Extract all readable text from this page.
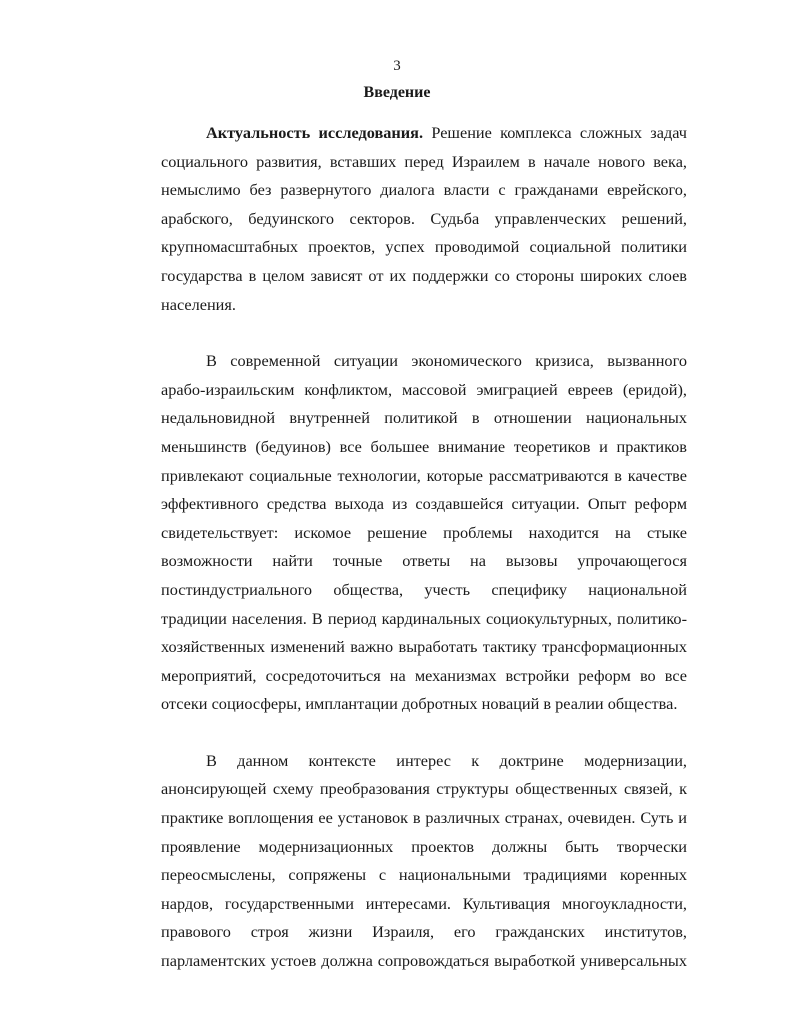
3
Введение

Актуальность исследования. Решение комплекса сложных задач
социального развития, вставших перед Израилем в начале нового века,
немыслимо без развернутого диалога власти с гражданами еврейского,
арабского, бедуинского секторов. Судьба управленческих решений,
крупномасштабных проектов, успех проводимой социальной политики
государства в целом зависят от их поддержки со стороны широких слоев
населения.

В современной ситуации экономического кризиса, вызванного
арабо-израильским конфликтом, массовой эмиграцией евреев (еридой),
недальновидной внутренней политикой в отношении национальных
меньшинств (бедуинов) все большее внимание теоретиков и практиков
привлекают социальные технологии, которые рассматриваются в качестве
эффективного средства выхода из создавшейся ситуации. Опыт реформ
свидетельствует: искомое решение проблемы находится на стыке
возможности найти точные ответы на вызовы упрочающегося
постиндустриального общества, учесть специфику национальной
традиции населения. В период кардинальных социокультурных, политико-
хозяйственных изменений важно выработать тактику трансформационных
мероприятий, сосредоточиться на механизмах встройки реформ во все
отсеки социосферы, имплантации добротных новаций в реалии общества.

В данном контексте интерес к доктрине модернизации,
анонсирующей схему преобразования структуры общественных связей, к
практике воплощения ее установок в различных странах, очевиден. Суть и
проявление модернизационных проектов должны быть творчески
переосмыслены, сопряжены с национальными традициями коренных
нардов, государственными интересами. Культивация многоукладности,
правового строя жизни Израиля, его гражданских институтов,
парламентских устоев должна сопровождаться выработкой универсальных
